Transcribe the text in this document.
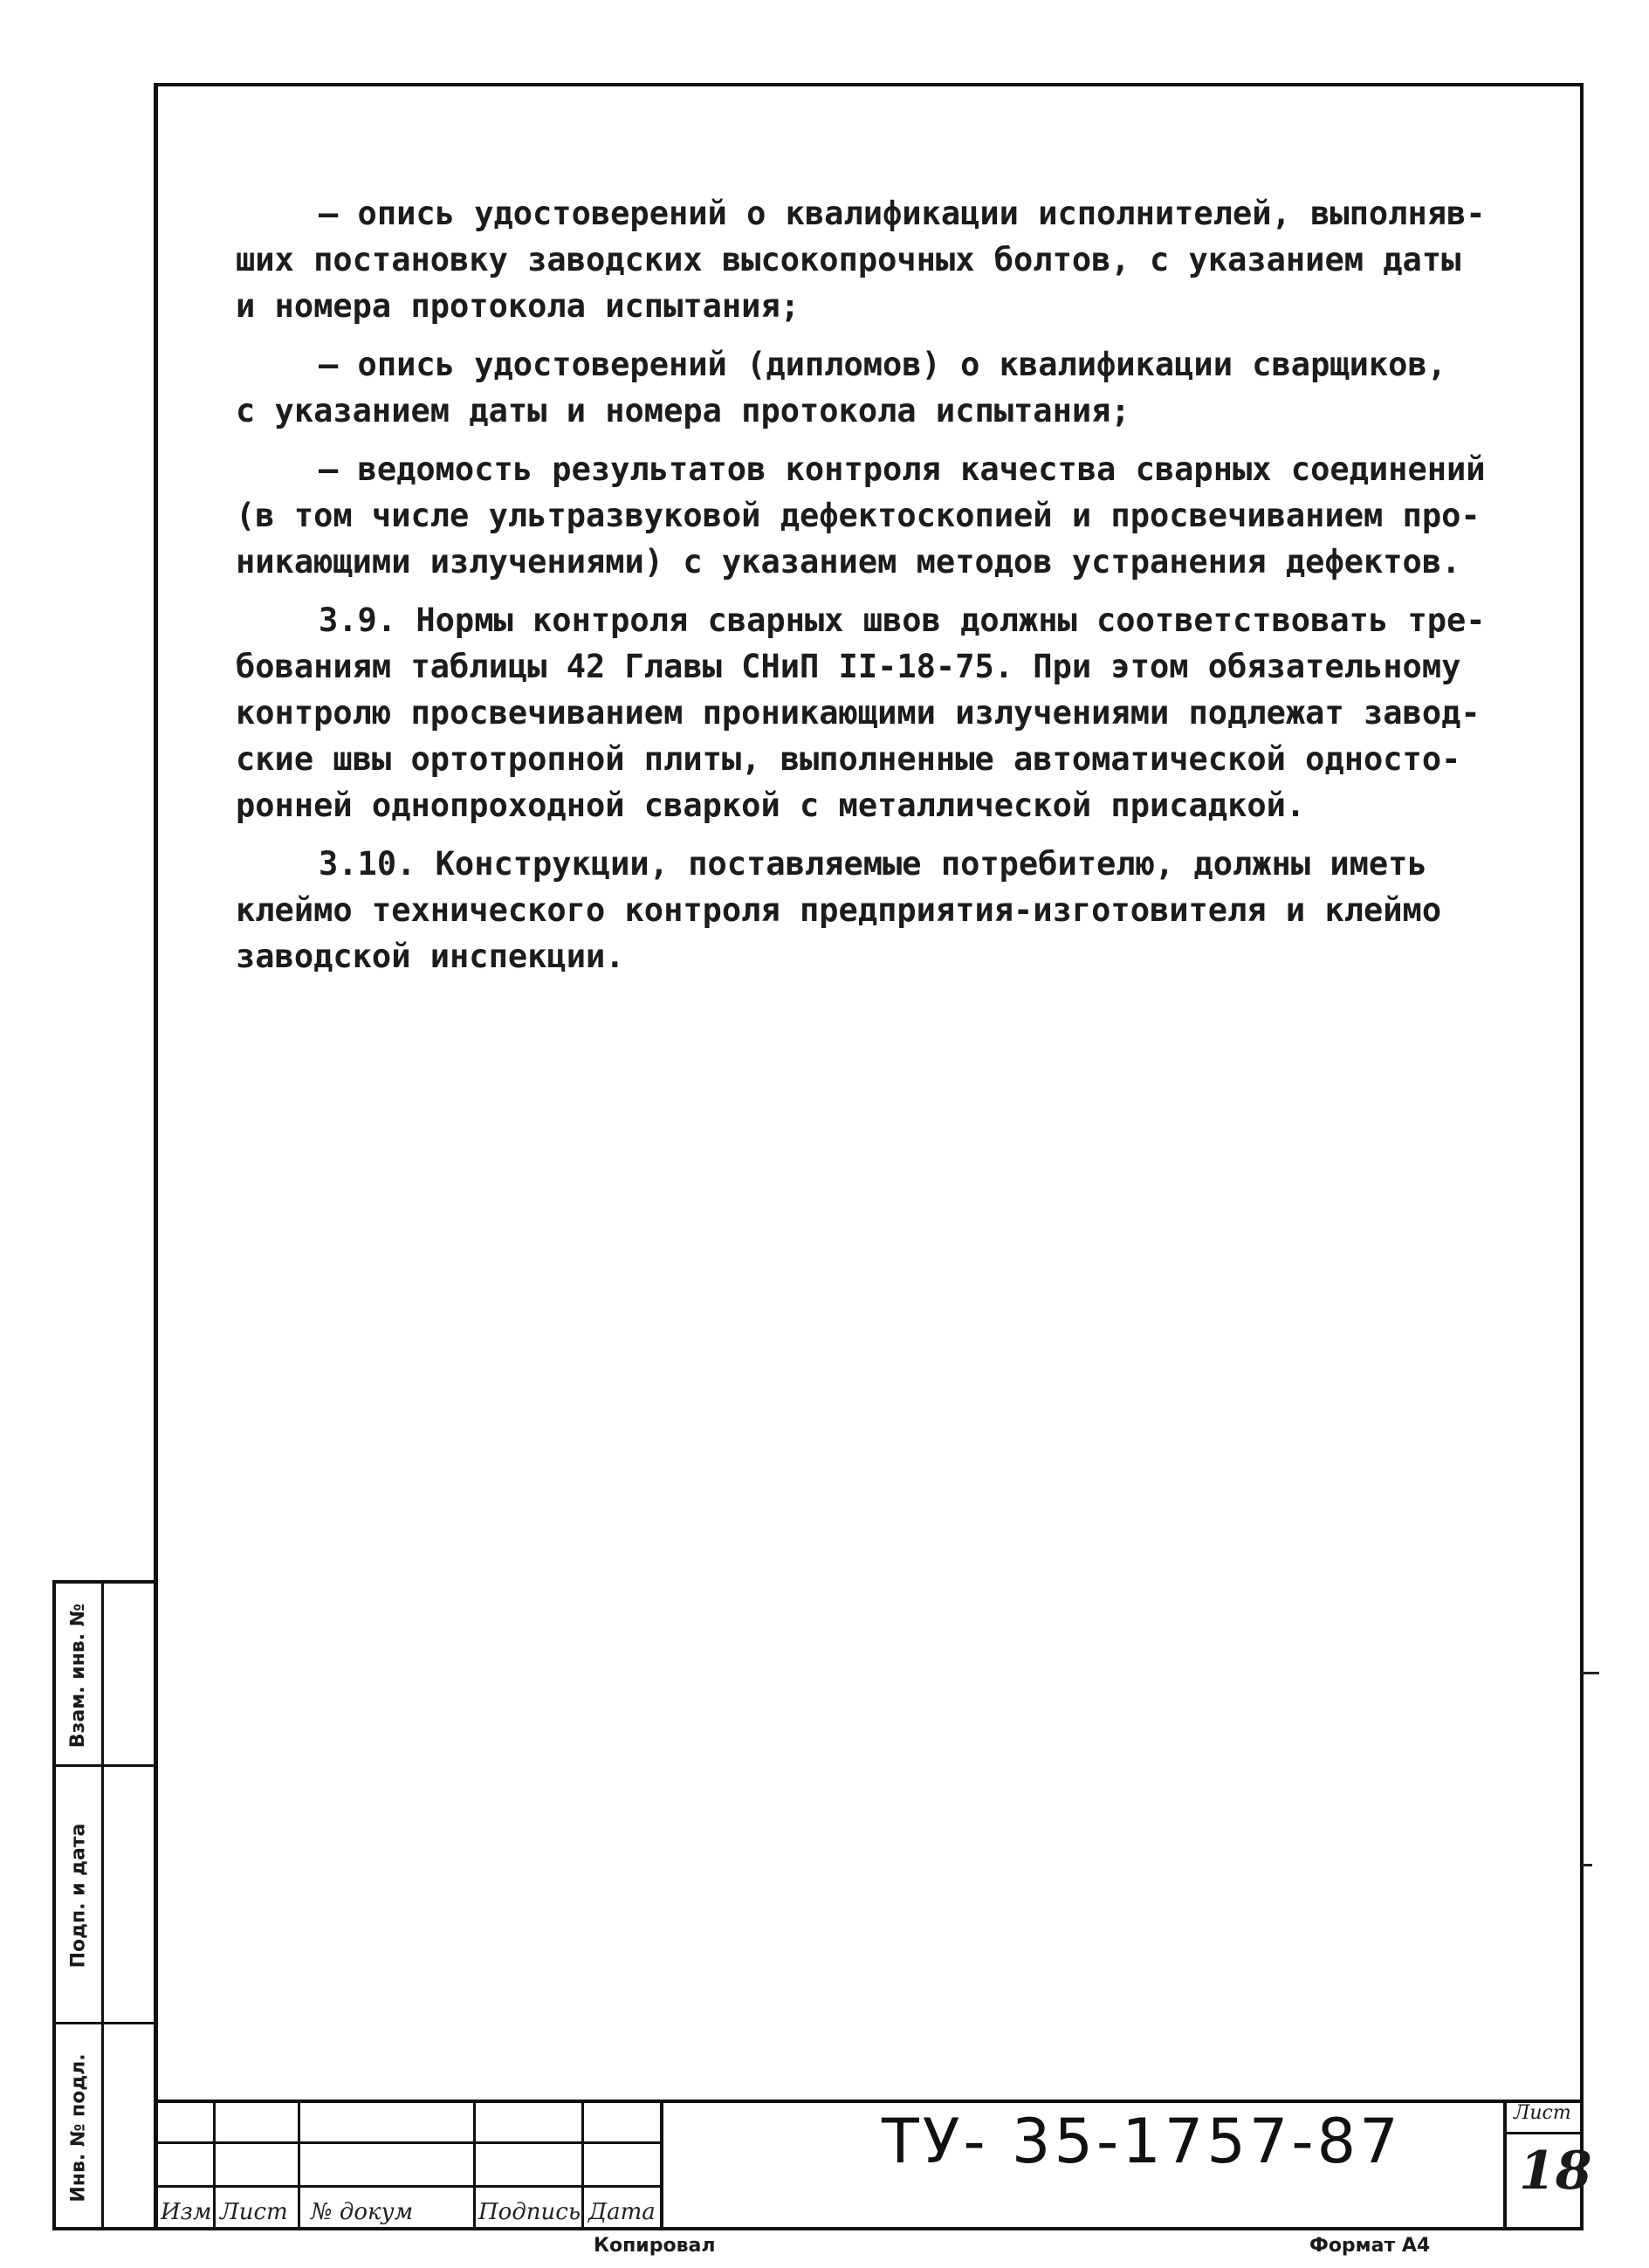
– опись удостоверений о квалификации исполнителей, выполняв-
ших постановку заводских высокопрочных болтов, с указанием даты
и номера протокола испытания;
– опись удостоверений (дипломов) о квалификации сварщиков,
с указанием даты и номера протокола испытания;
– ведомость результатов контроля качества сварных соединений
(в том числе ультразвуковой дефектоскопией и просвечиванием про-
никающими излучениями) с указанием методов устранения дефектов.
3.9. Нормы контроля сварных швов должны соответствовать тре-
бованиям таблицы 42 Главы СНиП II-18-75. При этом обязательному
контролю просвечиванием проникающими излучениями подлежат завод-
ские швы ортотропной плиты, выполненные автоматической односто-
ронней однопроходной сваркой с металлической присадкой.
3.10. Конструкции, поставляемые потребителю, должны иметь
клеймо технического контроля предприятия-изготовителя и клеймо
заводской инспекции.
Взам. инв. №
Подп. и дата
Инв. № подл.
Изм Лист № докум	Подпись Дата
ТУ- 35-1757-87	Лист
18
Копировал	Формат А4
